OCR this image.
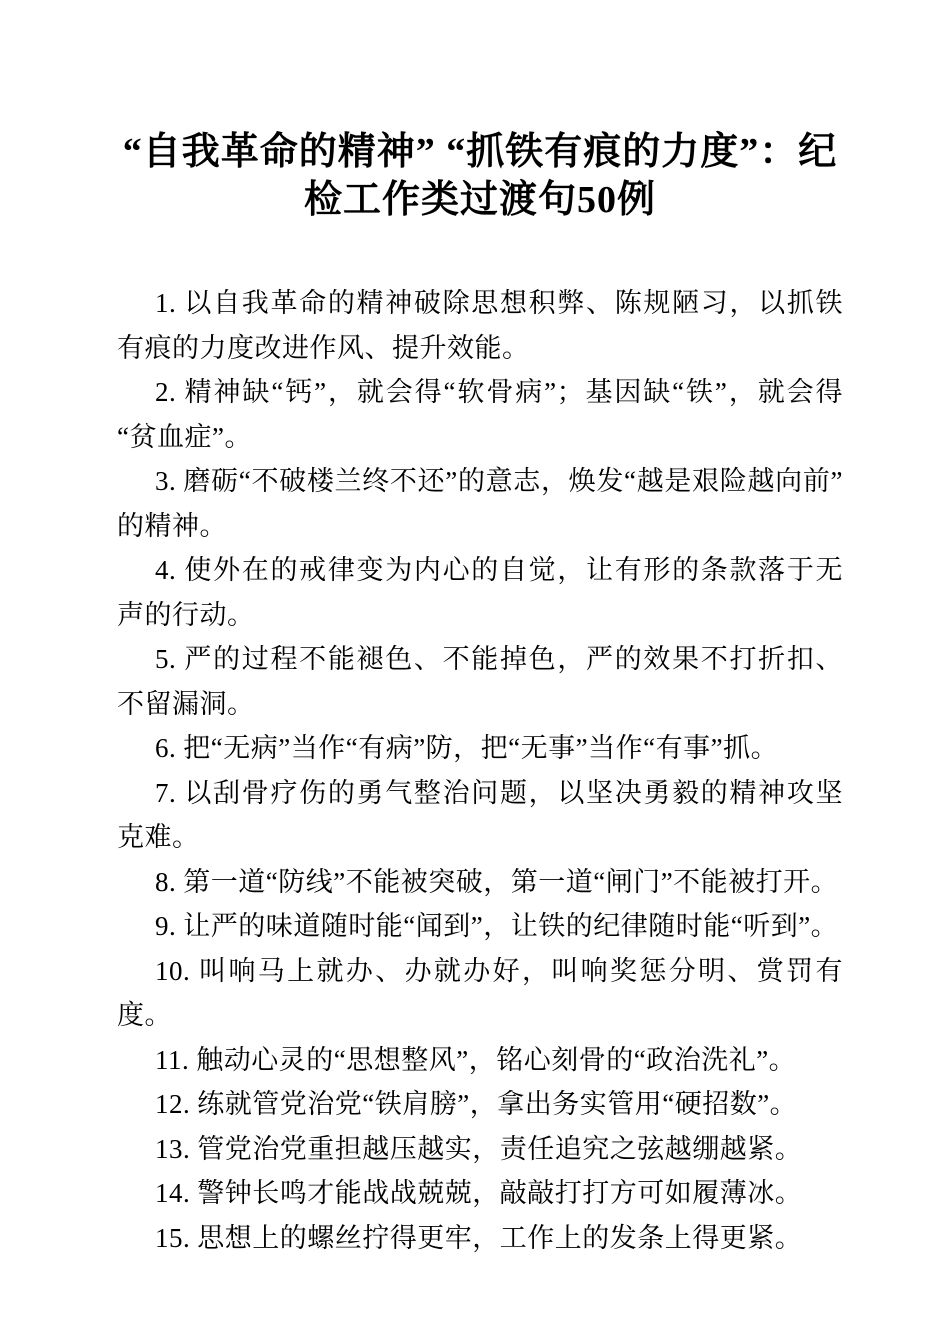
“自我革命的精神” “抓铁有痕的力度”：纪
检工作类过渡句50例

1. 以自我革命的精神破除思想积弊、陈规陋习，以抓铁有痕的力度改进作风、提升效能。

2. 精神缺“钙”，就会得“软骨病”；基因缺“铁”，就会得“贫血症”。

3. 磨砺“不破楼兰终不还”的意志，焕发“越是艰险越向前”的精神。

4. 使外在的戒律变为内心的自觉，让有形的条款落于无声的行动。

5. 严的过程不能褪色、不能掉色，严的效果不打折扣、不留漏洞。

6. 把“无病”当作“有病”防，把“无事”当作“有事”抓。

7. 以刮骨疗伤的勇气整治问题，以坚决勇毅的精神攻坚克难。

8. 第一道“防线”不能被突破，第一道“闸门”不能被打开。

9. 让严的味道随时能“闻到”，让铁的纪律随时能“听到”。

10. 叫响马上就办、办就办好，叫响奖惩分明、赏罚有度。

11. 触动心灵的“思想整风”，铭心刻骨的“政治洗礼”。

12. 练就管党治党“铁肩膀”，拿出务实管用“硬招数”。

13. 管党治党重担越压越实，责任追究之弦越绷越紧。

14. 警钟长鸣才能战战兢兢，敲敲打打方可如履薄冰。

15. 思想上的螺丝拧得更牢，工作上的发条上得更紧。
